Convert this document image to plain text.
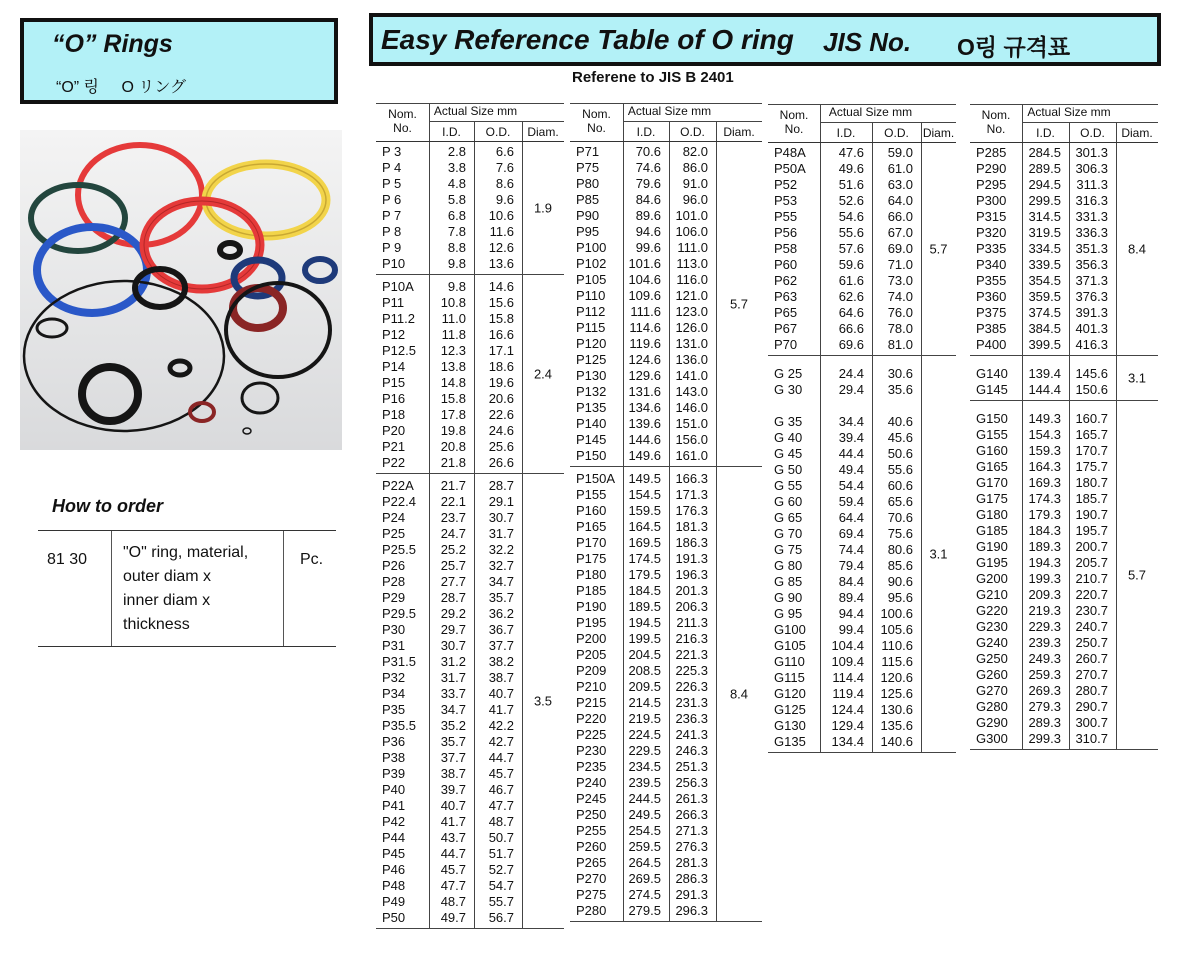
“O” Rings
“O” 링 O リング
Easy Reference Table of O ring JIS No. O링 규격표
Referene to JIS B 2401
How to order
81 30	"O" ring, material,
outer diam x
inner diam x
thickness
Pc.
Nom.
No.
Actual Size mm
I.D.	O.D.	Diam.
P 3	2.8 6.6
P 4	3.8 7.6
P 5	4.8 8.6
P 6	5.8 9.6
P 7	6.8 10.6
P 8	7.8 11.6
P 9	8.8 12.6
P10	9.8 13.6
1.9
P10A	9.8 14.6
P11	10.8 15.6
P11.2 11.0 15.8
P12	11.8 16.6
P12.5 12.3 17.1
P14	13.8 18.6
P15	14.8 19.6
P16	15.8 20.6
P18	17.8 22.6
P20	19.8 24.6
P21	20.8 25.6
P22	21.8 26.6
2.4
P22A 21.7 28.7
P22.4 22.1 29.1
P24	23.7 30.7
P25	24.7 31.7
P25.5 25.2 32.2
P26	25.7 32.7
P28	27.7 34.7
P29	28.7 35.7
P29.5 29.2 36.2
P30	29.7 36.7
P31	30.7 37.7
P31.5 31.2 38.2
P32	31.7 38.7
P34	33.7 40.7
P35	34.7 41.7
P35.5 35.2 42.2
P36	35.7 42.7
P38	37.7 44.7
P39	38.7 45.7
P40	39.7 46.7
P41	40.7 47.7
P42	41.7 48.7
P44	43.7 50.7
P45	44.7 51.7
P46	45.7 52.7
P48	47.7 54.7
P49	48.7 55.7
P50	49.7 56.7
3.5
Nom.
No.
Actual Size mm
I.D.	O.D.	Diam.
P71	70.6 82.0
P75	74.6 86.0
P80	79.6 91.0
P85	84.6 96.0
P90	89.6 101.0
P95	94.6 106.0
P100 99.6 111.0
P102 101.6 113.0
P105 104.6 116.0
P110 109.6 121.0
P112 111.6 123.0
P115 114.6 126.0
P120 119.6 131.0
P125 124.6 136.0
P130 129.6 141.0
P132 131.6 143.0
P135 134.6 146.0
P140 139.6 151.0
P145 144.6 156.0
P150 149.6 161.0
5.7
P150A 149.5 166.3
P155 154.5 171.3
P160 159.5 176.3
P165 164.5 181.3
P170 169.5 186.3
P175 174.5 191.3
P180 179.5 196.3
P185 184.5 201.3
P190 189.5 206.3
P195 194.5 211.3
P200 199.5 216.3
P205 204.5 221.3
P209 208.5 225.3
P210 209.5 226.3
P215 214.5 231.3
P220 219.5 236.3
P225 224.5 241.3
P230 229.5 246.3
P235 234.5 251.3
P240 239.5 256.3
P245 244.5 261.3
P250 249.5 266.3
P255 254.5 271.3
P260 259.5 276.3
P265 264.5 281.3
P270 269.5 286.3
P275 274.5 291.3
P280 279.5 296.3
8.4
Nom.
No.
Actual Size mm
I.D.	O.D.	Diam.
P48A	47.6 59.0
P50A	49.6 61.0
P52	51.6 63.0
P53	52.6 64.0
P55	54.6 66.0
P56	55.6 67.0
P58	57.6 69.0
P60	59.6 71.0
P62	61.6 73.0
P63	62.6 74.0
P65	64.6 76.0
P67	66.6 78.0
P70	69.6 81.0
5.7
G 25	24.4 30.6
G 30	29.4 35.6
G 35	34.4 40.6
G 40	39.4 45.6
G 45	44.4 50.6
G 50	49.4 55.6
G 55	54.4 60.6
G 60	59.4 65.6
G 65	64.4 70.6
G 70	69.4 75.6
G 75	74.4 80.6
G 80	79.4 85.6
G 85	84.4 90.6
G 90	89.4 95.6
G 95	94.4 100.6
G100	99.4 105.6
G105 104.4 110.6
G110 109.4 115.6
G115 114.4 120.6
G120 119.4 125.6
G125 124.4 130.6
G130 129.4 135.6
G135 134.4 140.6
3.1
Nom.
No.
Actual Size mm
I.D.	O.D.	Diam.
P285 284.5 301.3
P290 289.5 306.3
P295 294.5 311.3
P300 299.5 316.3
P315 314.5 331.3
P320 319.5 336.3
P335 334.5 351.3
P340 339.5 356.3
P355 354.5 371.3
P360 359.5 376.3
P375 374.5 391.3
P385 384.5 401.3
P400 399.5 416.3
8.4
G140 139.4 145.6
G145 144.4 150.6
3.1
G150 149.3 160.7
G155 154.3 165.7
G160 159.3 170.7
G165 164.3 175.7
G170 169.3 180.7
G175 174.3 185.7
G180 179.3 190.7
G185 184.3 195.7
G190 189.3 200.7
G195 194.3 205.7
G200 199.3 210.7
G210 209.3 220.7
G220 219.3 230.7
G230 229.3 240.7
G240 239.3 250.7
G250 249.3 260.7
G260 259.3 270.7
G270 269.3 280.7
G280 279.3 290.7
G290 289.3 300.7
G300 299.3 310.7
5.7
